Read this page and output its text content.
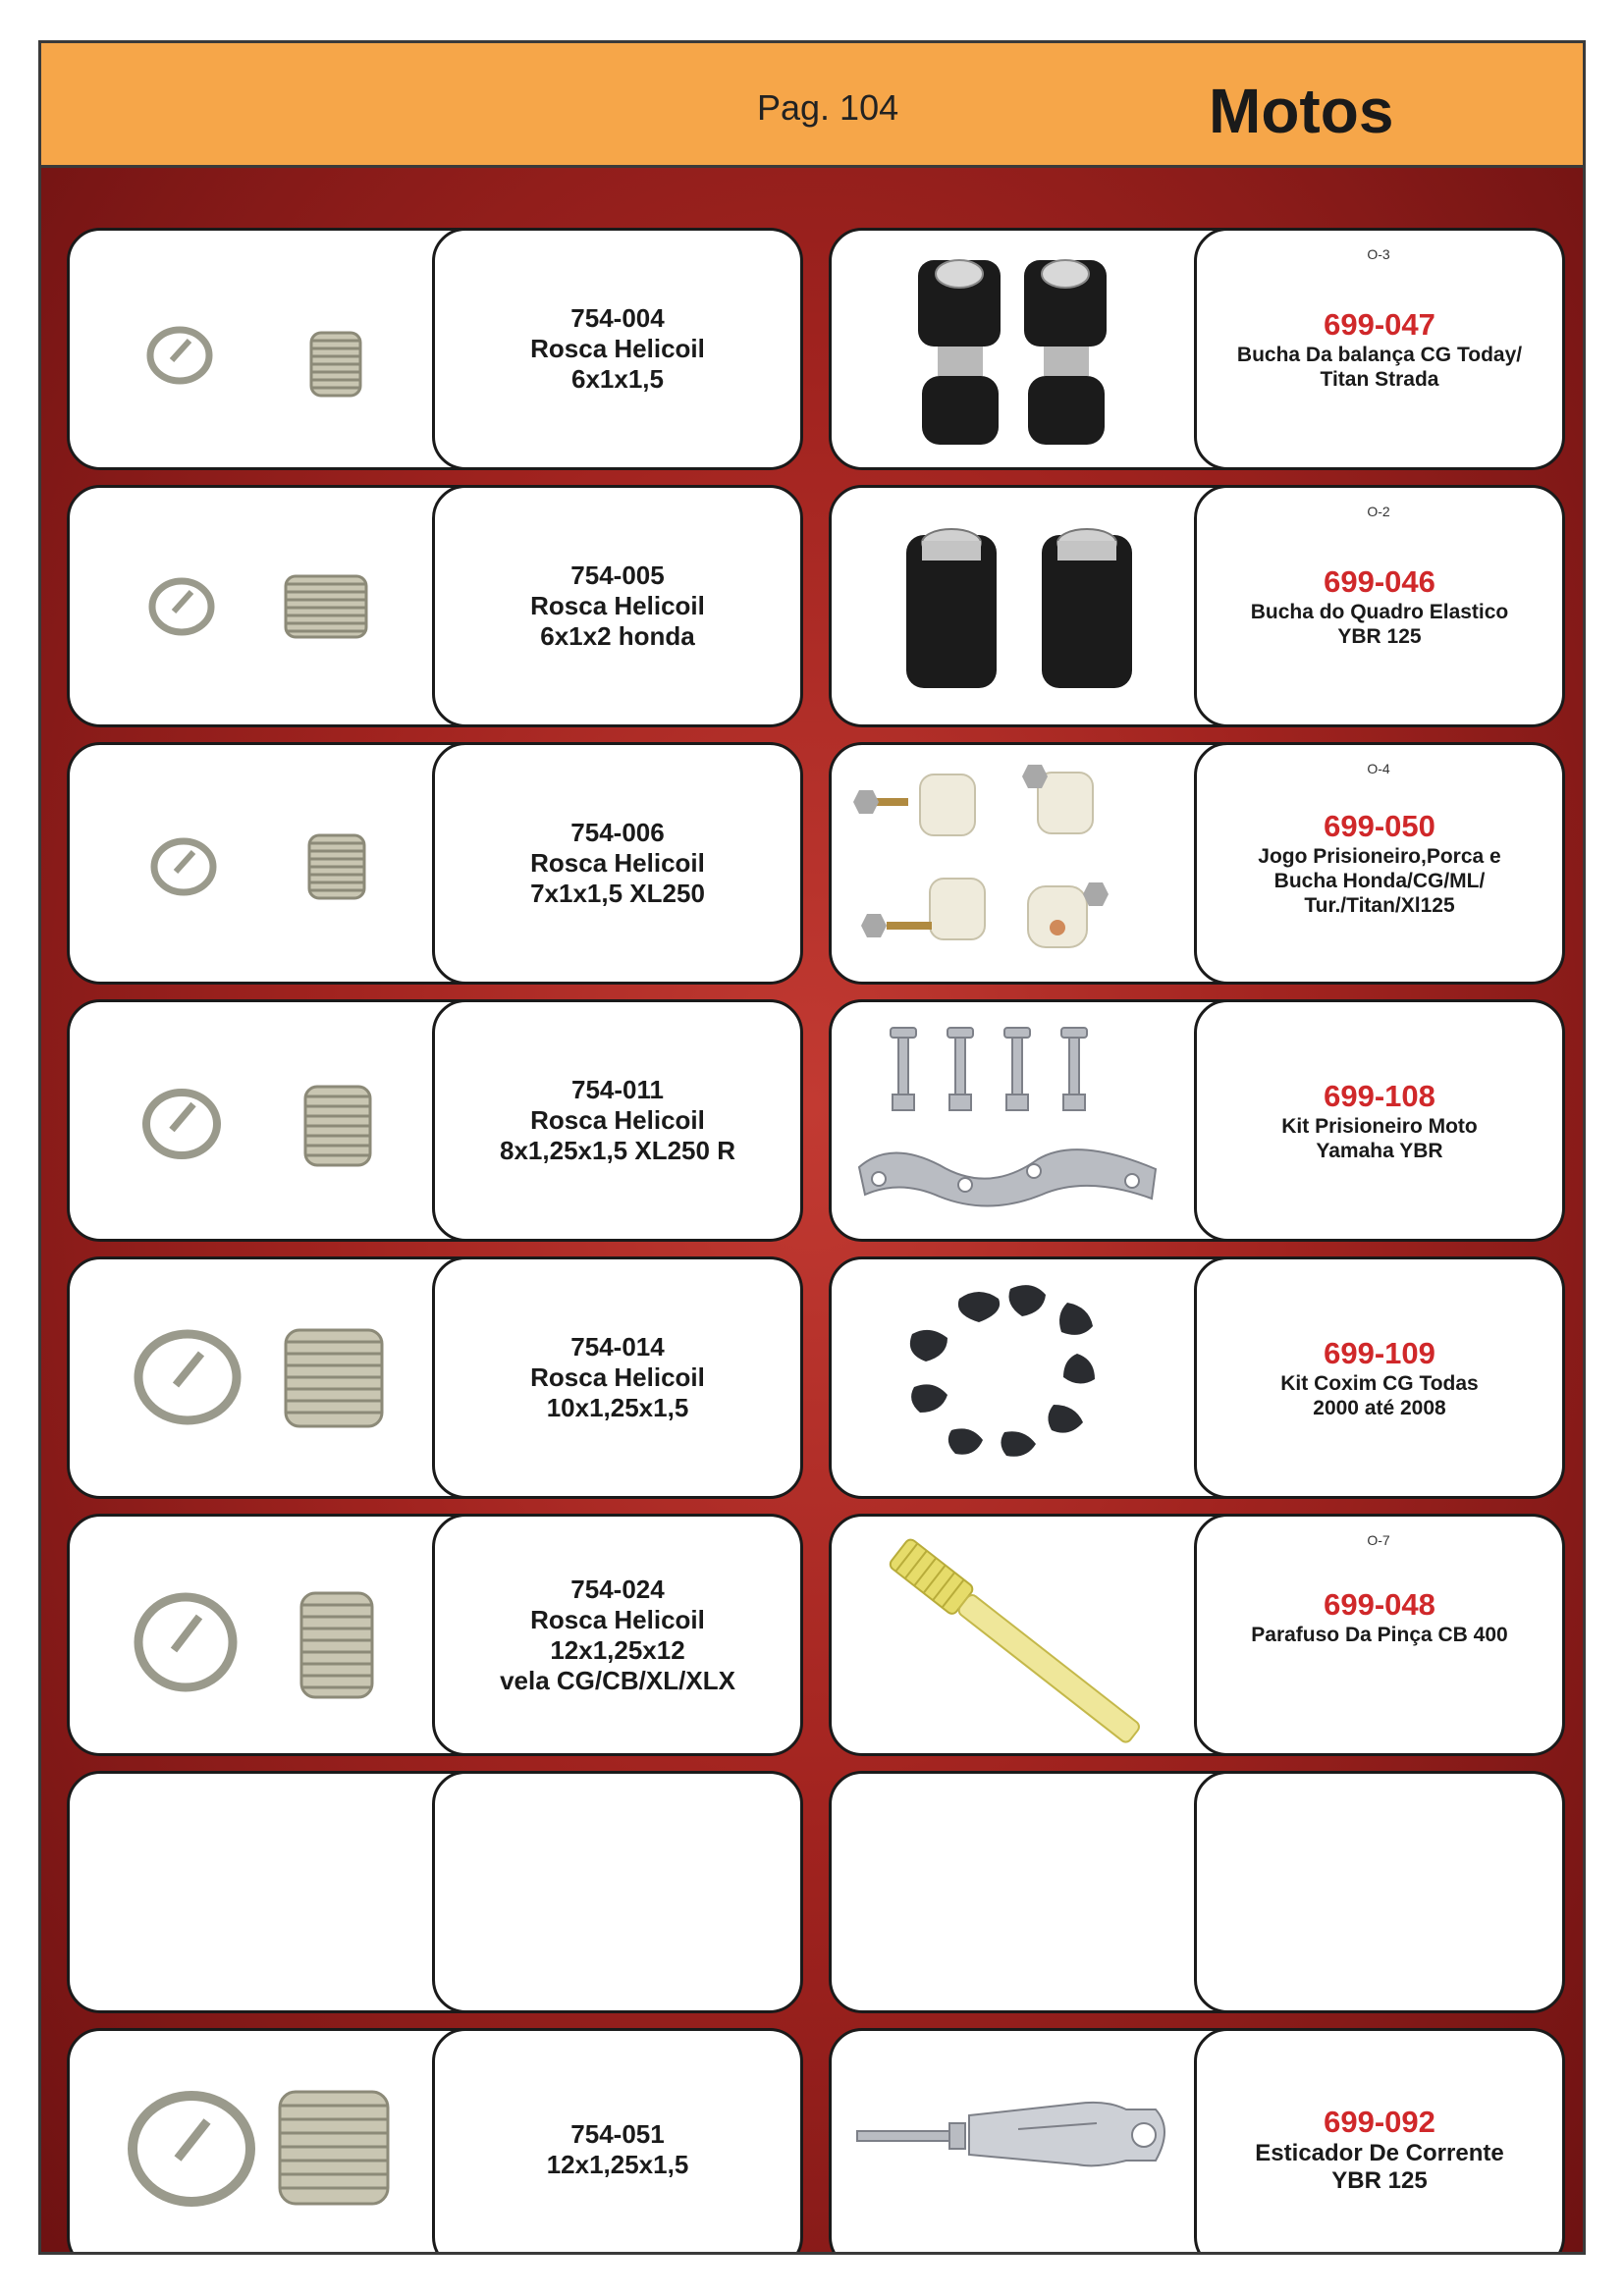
Pag. 104	Motos
754-004
Rosca Helicoil
6x1x1,5
754-005
Rosca Helicoil
6x1x2 honda
754-006
Rosca Helicoil
7x1x1,5 XL250
754-011
Rosca Helicoil
8x1,25x1,5 XL250 R
754-014
Rosca Helicoil
10x1,25x1,5
754-024
Rosca Helicoil
12x1,25x12
vela CG/CB/XL/XLX
754-051
12x1,25x1,5
O-3
699-047
Bucha Da balança CG Today/
Titan Strada
O-2
699-046
Bucha do Quadro Elastico
YBR 125
O-4
699-050
Jogo Prisioneiro,Porca e
Bucha Honda/CG/ML/
Tur./Titan/Xl125
699-108
Kit Prisioneiro Moto
Yamaha YBR
699-109
Kit Coxim CG Todas
2000 até 2008
O-7
699-048
Parafuso Da Pinça CB 400
699-092
Esticador De Corrente
YBR 125
